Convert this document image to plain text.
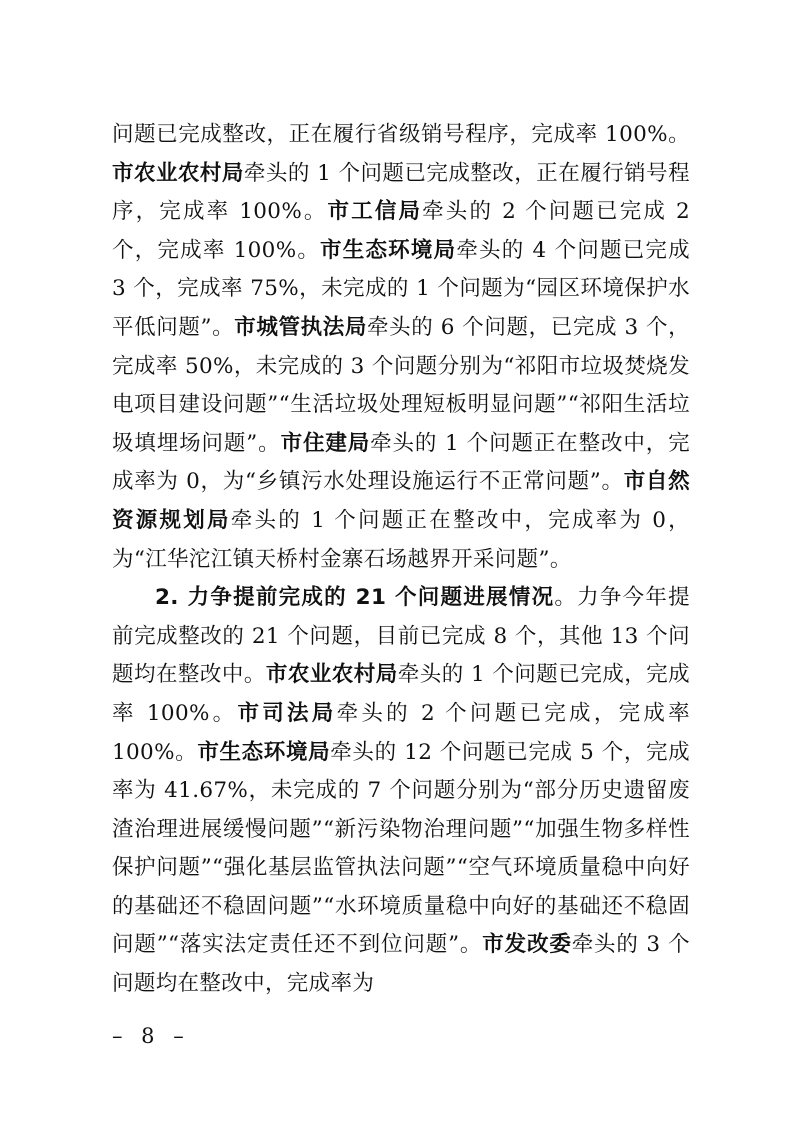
问题已完成整改，正在履行省级销号程序，完成率 100%。市农业农村局牵头的 1 个问题已完成整改，正在履行销号程序，完成率 100%。市工信局牵头的 2 个问题已完成 2 个，完成率 100%。市生态环境局牵头的 4 个问题已完成 3 个，完成率 75%，未完成的 1 个问题为“园区环境保护水平低问题”。市城管执法局牵头的 6 个问题，已完成 3 个，完成率 50%，未完成的 3 个问题分别为“祁阳市垃圾焚烧发电项目建设问题”“生活垃圾处理短板明显问题”“祁阳生活垃圾填埋场问题”。市住建局牵头的 1 个问题正在整改中，完成率为 0，为“乡镇污水处理设施运行不正常问题”。市自然资源规划局牵头的 1 个问题正在整改中，完成率为 0，为“江华沱江镇天桥村金寨石场越界开采问题”。

2. 力争提前完成的 21 个问题进展情况。力争今年提前完成整改的 21 个问题，目前已完成 8 个，其他 13 个问题均在整改中。市农业农村局牵头的 1 个问题已完成，完成率 100%。市司法局牵头的 2 个问题已完成，完成率 100%。市生态环境局牵头的 12 个问题已完成 5 个，完成率为 41.67%，未完成的 7 个问题分别为“部分历史遗留废渣治理进展缓慢问题”“新污染物治理问题”“加强生物多样性保护问题”“强化基层监管执法问题”“空气环境质量稳中向好的基础还不稳固问题”“水环境质量稳中向好的基础还不稳固问题”“落实法定责任还不到位问题”。市发改委牵头的 3 个问题均在整改中，完成率为

– 8 –
